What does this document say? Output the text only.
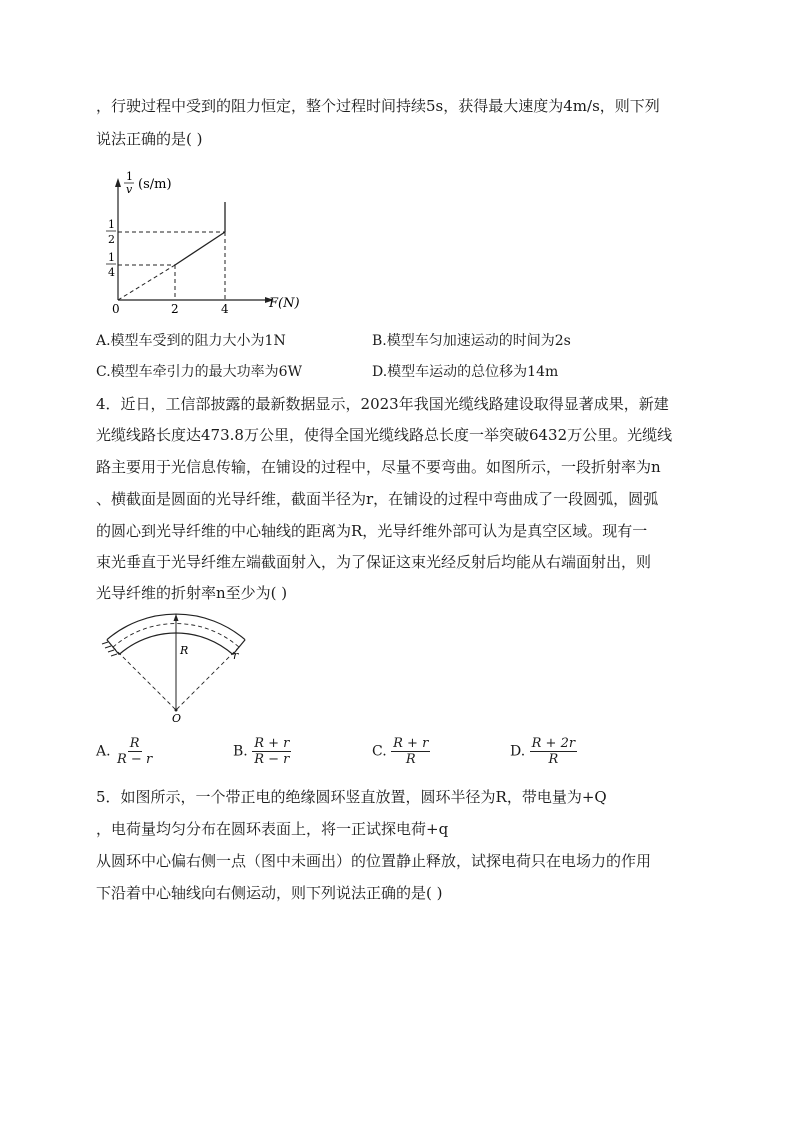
，行驶过程中受到的阻力恒定，整个过程时间持续5s，获得最大速度为4m/s，则下列
说法正确的是( )
1
v (s/m)
1
2
1
4
0	2	4	F(N)
A.模型车受到的阻力大小为1N	B.模型车匀加速运动的时间为2s
C.模型车牵引力的最大功率为6W	D.模型车运动的总位移为14m
4．近日，工信部披露的最新数据显示，2023年我国光缆线路建设取得显著成果，新建
光缆线路长度达473.8万公里，使得全国光缆线路总长度一举突破6432万公里。光缆线
路主要用于光信息传输，在铺设的过程中，尽量不要弯曲。如图所示，一段折射率为n
、横截面是圆面的光导纤维，截面半径为r，在铺设的过程中弯曲成了一段圆弧，圆弧
的圆心到光导纤维的中心轴线的距离为R，光导纤维外部可认为是真空区域。现有一
束光垂直于光导纤维左端截面射入，为了保证这束光经反射后均能从右端面射出，则
光导纤维的折射率n至少为( )
R	r
O
A. $\frac{R}{R - r}$	B. $\frac{R + r}{R - r}$	C. $\frac{R + r}{R}$	D. $\frac{R + 2r}{R}$
5．如图所示，一个带正电的绝缘圆环竖直放置，圆环半径为R，带电量为+Q
，电荷量均匀分布在圆环表面上，将一正试探电荷+q
从圆环中心偏右侧一点（图中未画出）的位置静止释放，试探电荷只在电场力的作用
下沿着中心轴线向右侧运动，则下列说法正确的是( )
